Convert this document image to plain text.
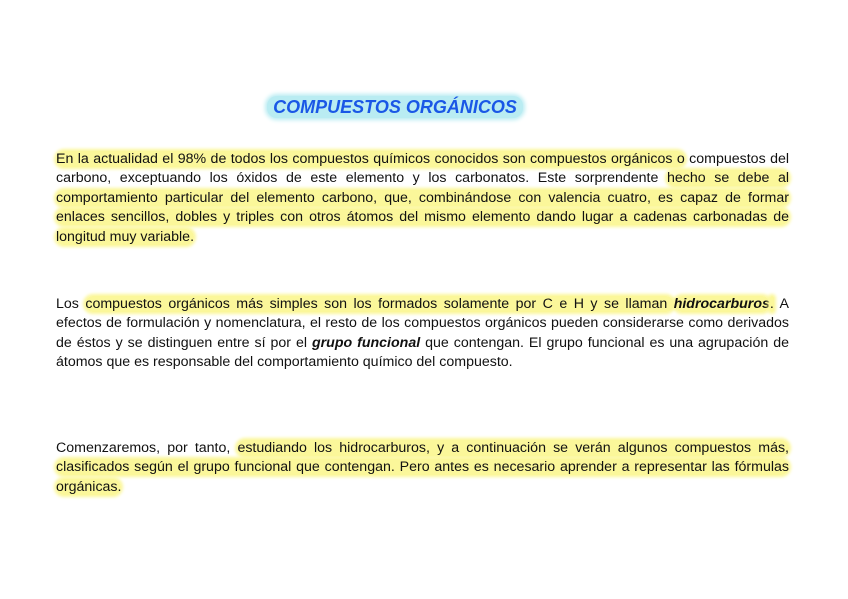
COMPUESTOS ORGÁNICOS

En la actualidad el 98% de todos los compuestos químicos conocidos son compuestos orgánicos o compuestos del carbono, exceptuando los óxidos de este elemento y los carbonatos. Este sorprendente hecho se debe al comportamiento particular del elemento carbono, que, combinándose con valencia cuatro, es capaz de formar enlaces sencillos, dobles y triples con otros átomos del mismo elemento dando lugar a cadenas carbonadas de longitud muy variable.

Los compuestos orgánicos más simples son los formados solamente por C e H y se llaman hidrocarburos. A efectos de formulación y nomenclatura, el resto de los compuestos orgánicos pueden considerarse como derivados de éstos y se distinguen entre sí por el grupo funcional que contengan. El grupo funcional es una agrupación de átomos que es responsable del comportamiento químico del compuesto.

Comenzaremos, por tanto, estudiando los hidrocarburos, y a continuación se verán algunos compuestos más, clasificados según el grupo funcional que contengan. Pero antes es necesario aprender a representar las fórmulas orgánicas.
